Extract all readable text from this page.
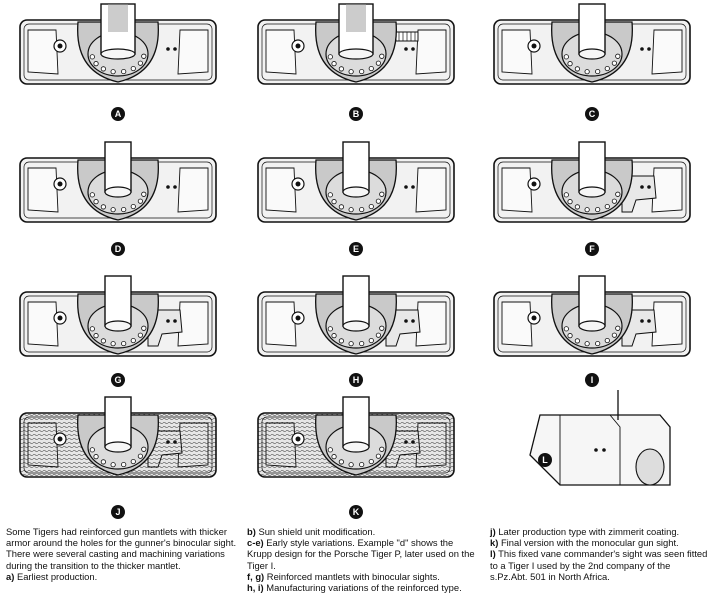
A	B	C
D	E	F
G	H	I
J	K
L

Some Tigers had reinforced gun mantlets with thicker armor around the holes for the gunner's binocular sight. There were several casting and machining variations during the transition to the thicker mantlet.

a) Earliest production.

b) Sun shield unit modification.

c-e) Early style variations. Example "d" shows the Krupp design for the Porsche Tiger P, later used on the Tiger I.

f, g) Reinforced mantlets with binocular sights.

h, i) Manufacturing variations of the reinforced type.

j) Later production type with zimmerit coating.

k) Final version with the monocular gun sight.

l) This fixed vane commander's sight was seen fitted to a Tiger I used by the 2nd company of the s.Pz.Abt. 501 in North Africa.
